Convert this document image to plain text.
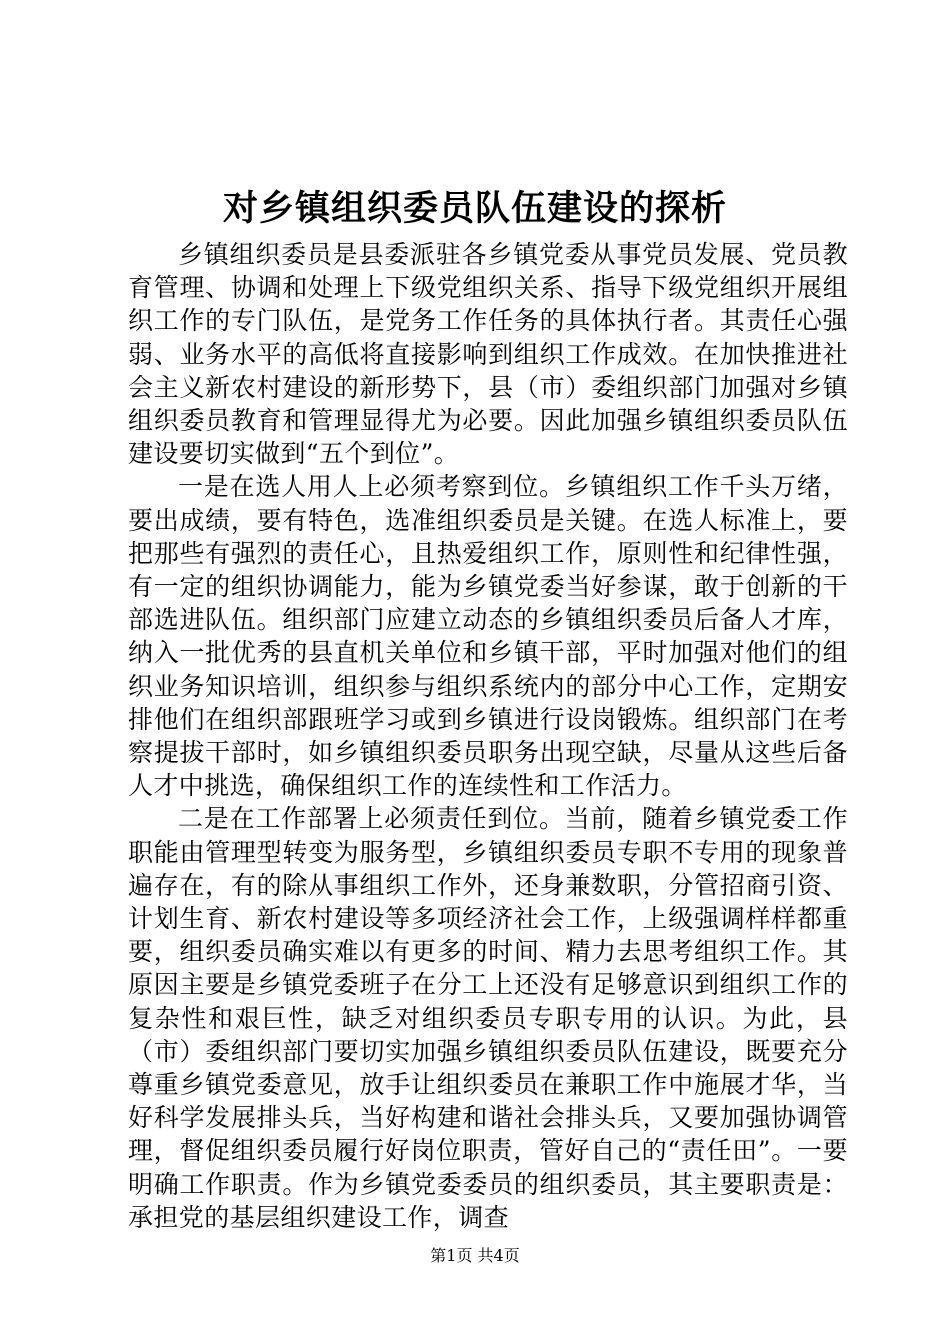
对乡镇组织委员队伍建设的探析

乡镇组织委员是县委派驻各乡镇党委从事党员发展、党员教育管理、协调和处理上下级党组织关系、指导下级党组织开展组织工作的专门队伍，是党务工作任务的具体执行者。其责任心强弱、业务水平的高低将直接影响到组织工作成效。在加快推进社会主义新农村建设的新形势下，县（市）委组织部门加强对乡镇组织委员教育和管理显得尤为必要。因此加强乡镇组织委员队伍建设要切实做到“五个到位”。

一是在选人用人上必须考察到位。乡镇组织工作千头万绪，要出成绩，要有特色，选准组织委员是关键。在选人标准上，要把那些有强烈的责任心，且热爱组织工作，原则性和纪律性强，有一定的组织协调能力，能为乡镇党委当好参谋，敢于创新的干部选进队伍。组织部门应建立动态的乡镇组织委员后备人才库，纳入一批优秀的县直机关单位和乡镇干部，平时加强对他们的组织业务知识培训，组织参与组织系统内的部分中心工作，定期安排他们在组织部跟班学习或到乡镇进行设岗锻炼。组织部门在考察提拔干部时，如乡镇组织委员职务出现空缺，尽量从这些后备人才中挑选，确保组织工作的连续性和工作活力。

二是在工作部署上必须责任到位。当前，随着乡镇党委工作职能由管理型转变为服务型，乡镇组织委员专职不专用的现象普遍存在，有的除从事组织工作外，还身兼数职，分管招商引资、计划生育、新农村建设等多项经济社会工作，上级强调样样都重要，组织委员确实难以有更多的时间、精力去思考组织工作。其原因主要是乡镇党委班子在分工上还没有足够意识到组织工作的复杂性和艰巨性，缺乏对组织委员专职专用的认识。为此，县（市）委组织部门要切实加强乡镇组织委员队伍建设，既要充分尊重乡镇党委意见，放手让组织委员在兼职工作中施展才华，当好科学发展排头兵，当好构建和谐社会排头兵，又要加强协调管理，督促组织委员履行好岗位职责，管好自己的“责任田”。一要明确工作职责。作为乡镇党委委员的组织委员，其主要职责是：承担党的基层组织建设工作，调查

第1页 共4页
